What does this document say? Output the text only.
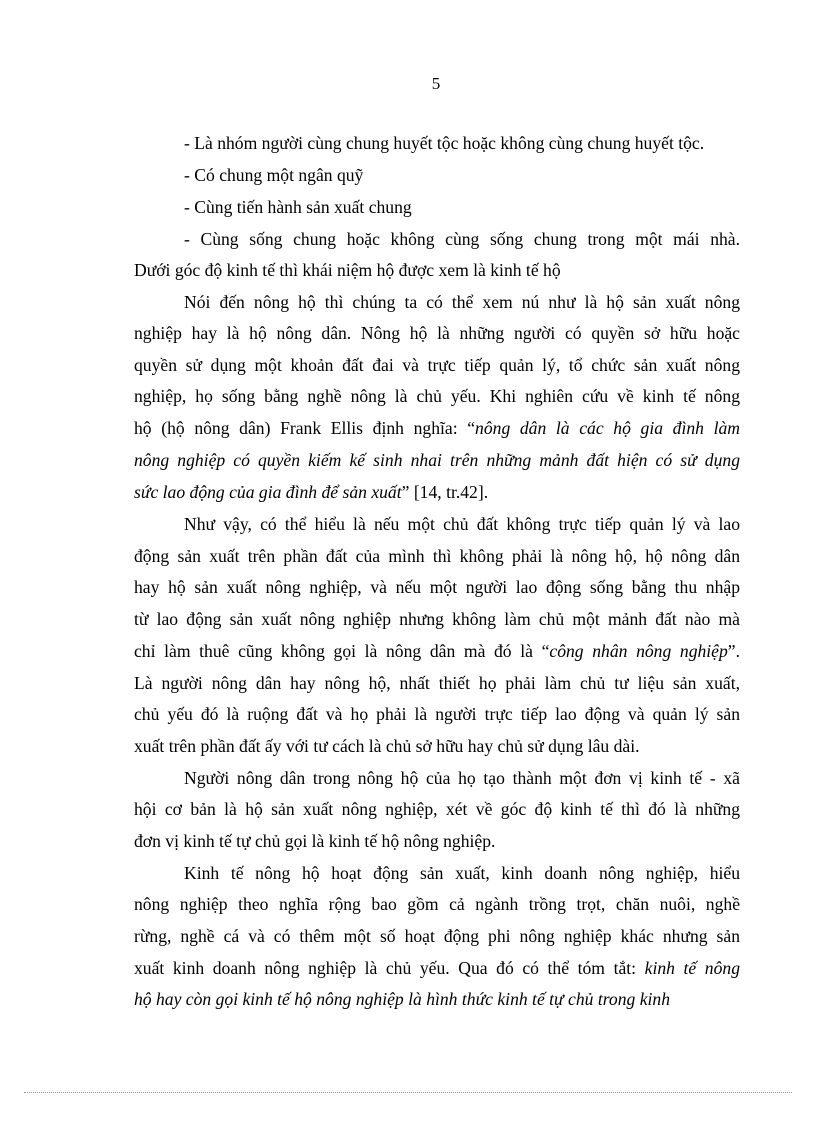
5
- Là nhóm người cùng chung huyết tộc hoặc không cùng chung huyết tộc.
- Có chung một ngân quỹ
- Cùng tiến hành sản xuất chung
- Cùng sống chung hoặc không cùng sống chung trong một mái nhà.
Dưới góc độ kinh tế thì khái niệm hộ được xem là kinh tế hộ
Nói đến nông hộ thì chúng ta có thể xem nú như là hộ sản xuất nông
nghiệp hay là hộ nông dân. Nông hộ là những người có quyền sở hữu hoặc
quyền sử dụng một khoản đất đai và trực tiếp quản lý, tổ chức sản xuất nông
nghiệp, họ sống bằng nghề nông là chủ yếu. Khi nghiên cứu về kinh tế nông
hộ (hộ nông dân) Frank Ellis định nghĩa: “nông dân là các hộ gia đình làm
nông nghiệp có quyền kiếm kế sinh nhai trên những mảnh đất hiện có sử dụng
sức lao động của gia đình để sản xuất” [14, tr.42].
Như vậy, có thể hiểu là nếu một chủ đất không trực tiếp quản lý và lao
động sản xuất trên phần đất của mình thì không phải là nông hộ, hộ nông dân
hay hộ sản xuất nông nghiệp, và nếu một người lao động sống bằng thu nhập
từ lao động sản xuất nông nghiệp nhưng không làm chủ một mảnh đất nào mà
chỉ làm thuê cũng không gọi là nông dân mà đó là “công nhân nông nghiệp”.
Là người nông dân hay nông hộ, nhất thiết họ phải làm chủ tư liệu sản xuất,
chủ yếu đó là ruộng đất và họ phải là người trực tiếp lao động và quản lý sản
xuất trên phần đất ấy với tư cách là chủ sở hữu hay chủ sử dụng lâu dài.
Người nông dân trong nông hộ của họ tạo thành một đơn vị kinh tế - xã
hội cơ bản là hộ sản xuất nông nghiệp, xét về góc độ kinh tế thì đó là những
đơn vị kinh tế tự chủ gọi là kinh tế hộ nông nghiệp.
Kinh tế nông hộ hoạt động sản xuất, kinh doanh nông nghiệp, hiểu
nông nghiệp theo nghĩa rộng bao gồm cả ngành trồng trọt, chăn nuôi, nghề
rừng, nghề cá và có thêm một số hoạt động phi nông nghiệp khác nhưng sản
xuất kinh doanh nông nghiệp là chủ yếu. Qua đó có thể tóm tắt: kinh tế nông
hộ hay còn gọi kinh tế hộ nông nghiệp là hình thức kinh tế tự chủ trong kinh
